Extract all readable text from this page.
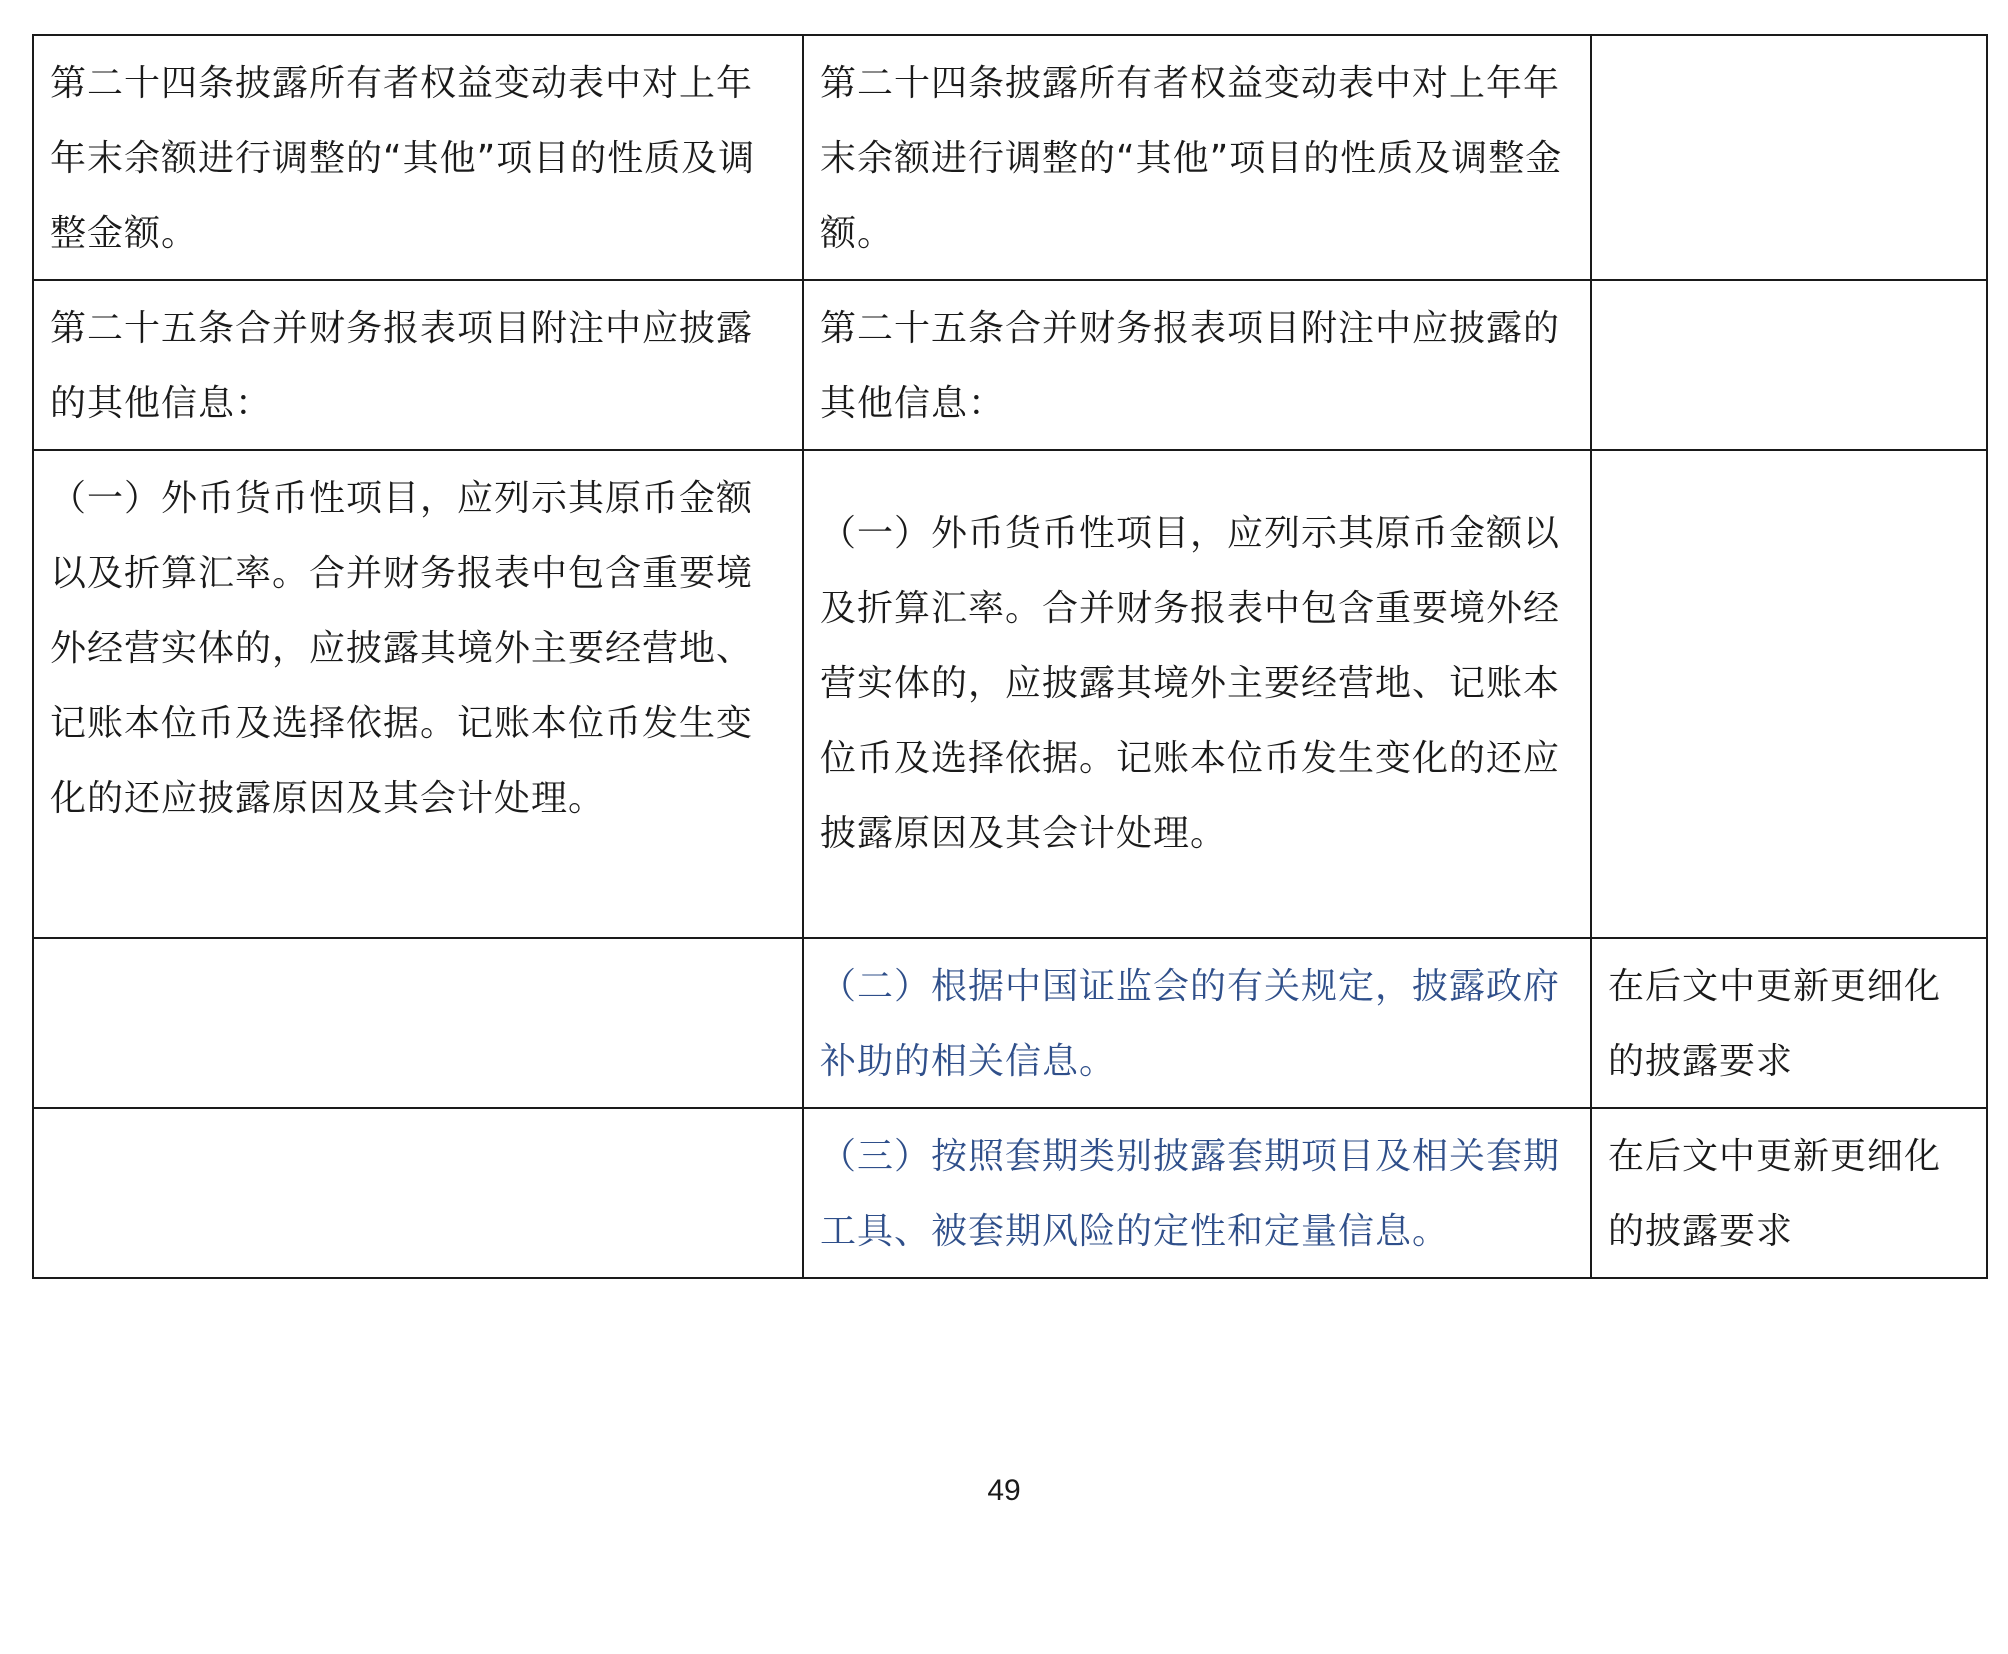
第二十四条披露所有者权益变动表中对上年年末余额进行调整的“其他”项目的性质及调整金额。	第二十四条披露所有者权益变动表中对上年年末余额进行调整的“其他”项目的性质及调整金额。	
第二十五条合并财务报表项目附注中应披露的其他信息：	第二十五条合并财务报表项目附注中应披露的其他信息：	
（一）外币货币性项目，应列示其原币金额以及折算汇率。合并财务报表中包含重要境外经营实体的，应披露其境外主要经营地、记账本位币及选择依据。记账本位币发生变化的还应披露原因及其会计处理。	（一）外币货币性项目，应列示其原币金额以及折算汇率。合并财务报表中包含重要境外经营实体的，应披露其境外主要经营地、记账本位币及选择依据。记账本位币发生变化的还应披露原因及其会计处理。	
	（二）根据中国证监会的有关规定，披露政府补助的相关信息。	在后文中更新更细化的披露要求
	（三）按照套期类别披露套期项目及相关套期工具、被套期风险的定性和定量信息。	在后文中更新更细化的披露要求
49
